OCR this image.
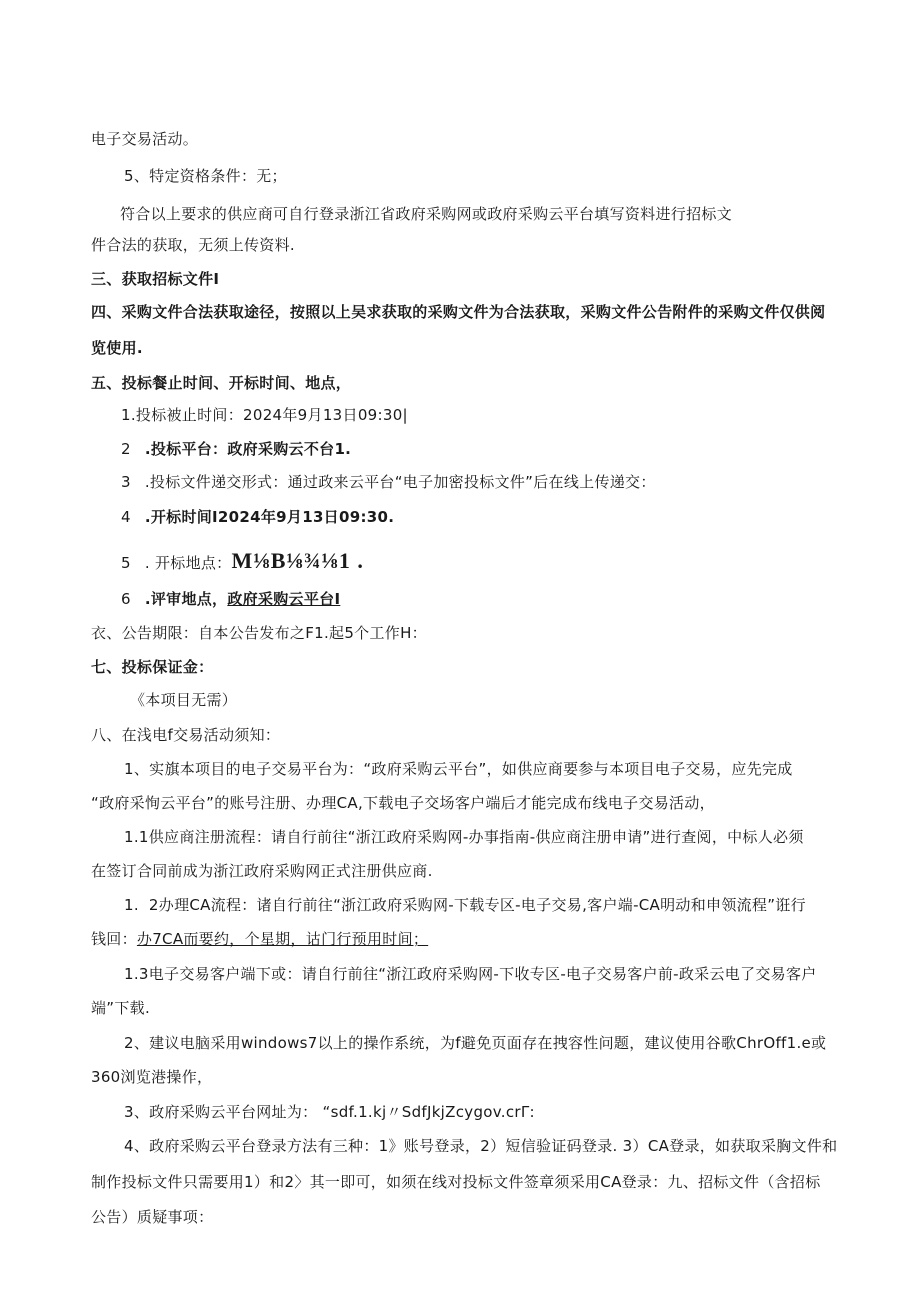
电子交易活动。
5、特定资格条件：无；
符合以上要求的供应商可自行登录浙江省政府采购网或政府采购云平台填写资料进行招标文
件合法的获取，无须上传资料.
三、获取招标文件I
四、采购文件合法获取途径，按照以上吴求获取的采购文件为合法获取，采购文件公告附件的采购文件仅供阅
览使用.
五、投标餐止时间、开标时间、地点，
1.投标被止时间：2024年9月13日09:30|
2 .投标平台：政府采购云不台1.
3 .投标文件递交形式：通过政来云平台“电子加密投标文件”后在线上传递交：
4 .开标时间I2024年9月13日09:30.
5 . 开标地点：M⅛B⅛¾⅛1 .
6 .评审地点，政府采购云平台I
衣、公告期限：自本公告发布之F1.起5个工作H：
七、投标保证金：
《本项目无需）
八、在浅电f交易活动须知：
1、实旗本项目的电子交易平台为：“政府采购云平台”，如供应商要参与本项目电子交易，应先完成
“政府采恂云平台”的账号注册、办理CA,下载电子交场客户端后才能完成布线电子交易活动，
1.1供应商注册流程：请自行前往“浙江政府采购网-办事指南-供应商注册申请”进行查阅，中标人必须
在签订合同前成为浙江政府采购网正式注册供应商.
1. 2办理CA流程：诸自行前往“浙江政府采购网-下载专区-电子交易,客户端-CA明动和申领流程”诳行
钱回：办7CA而要约，个星期，诂门行预用时间；
1.3电子交易客户端下或：请自行前往“浙江政府采购网-下收专区-电子交易客户前-政采云电了交易客户
端”下载.
2、建议电脑采用windows7以上的操作系统，为f避免页面存在拽容性问题，建议使用谷歌ChrOff1.e或
360浏览港操作，
3、政府采购云平台网址为： “sdf.1.kj〃SdfJkjZcygov.crΓ:
4、政府采购云平台登录方法有三种：1》账号登录，2）短信验证码登录. 3）CA登录，如获取采胸文件和
制作投标文件只需要用1）和2〉其一即可，如须在线对投标文件签章须采用CA登录：九、招标文件（含招标
公告）质疑事项：
